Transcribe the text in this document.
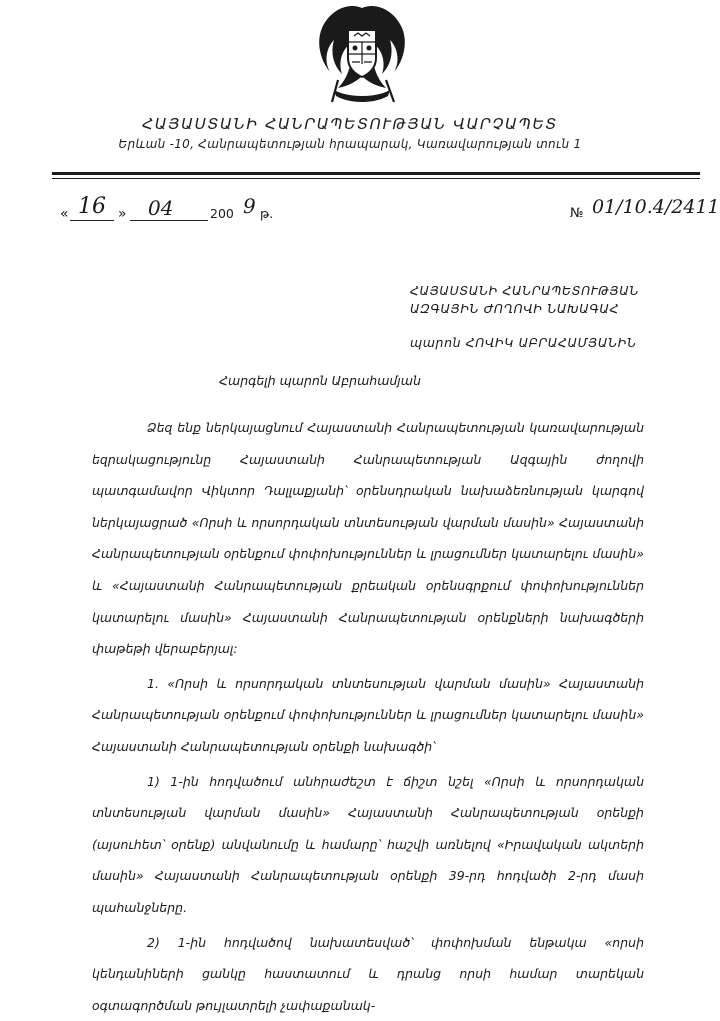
ՀԱՅԱՍՏԱՆԻ ՀԱՆՐԱՊԵՏՈՒԹՅԱՆ ՎԱՐՉԱՊԵՏ
Երևան -10, Հանրապետության հրապարակ, Կառավարության տուն 1
« 16 » 04	200 9 թ.	№ 01/10.4/2411
ՀԱՅԱՍՏԱՆԻ ՀԱՆՐԱՊԵՏՈՒԹՅԱՆ
ԱԶԳԱՅԻՆ ԺՈՂՈՎԻ ՆԱԽԱԳԱՀ
պարոն ՀՈՎԻԿ ԱԲՐԱՀԱՄՅԱՆԻՆ
Հարգելի պարոն Աբրահամյան

Ձեզ ենք ներկայացնում Հայաստանի Հանրապետության կառավարության եզրակացությունը Հայաստանի Հանրապետության Ազգային ժողովի պատգամավոր Վիկտոր Դալլաքյանի՝ օրենսդրական նախաձեռնության կարգով ներկայացրած «Որսի և որսորդական տնտեսության վարման մասին» Հայաստանի Հանրապետության օրենքում փոփոխություններ և լրացումներ կատարելու մասին» և «Հայաստանի Հանրապետության քրեական օրենսգրքում փոփոխություններ կատարելու մասին» Հայաստանի Հանրապետության օրենքների նախագծերի փաթեթի վերաբերյալ:

1. «Որսի և որսորդական տնտեսության վարման մասին» Հայաստանի Հանրապետության օրենքում փոփոխություններ և լրացումներ կատարելու մասին» Հայաստանի Հանրապետության օրենքի նախագծի՝

1) 1-ին հոդվածում անհրաժեշտ է ճիշտ նշել «Որսի և որսորդական տնտեսության վարման մասին» Հայաստանի Հանրապետության օրենքի (այսուհետ՝ օրենք) անվանումը և համարը՝ հաշվի առնելով «Իրավական ակտերի մասին» Հայաստանի Հանրապետության օրենքի 39-րդ հոդվածի 2-րդ մասի պահանջները.

2) 1-ին հոդվածով նախատեսված՝ փոփոխման ենթակա «որսի կենդանիների ցանկը հաստատում և դրանց որսի համար տարեկան օգտագործման թույլատրելի չափաքանակ-
